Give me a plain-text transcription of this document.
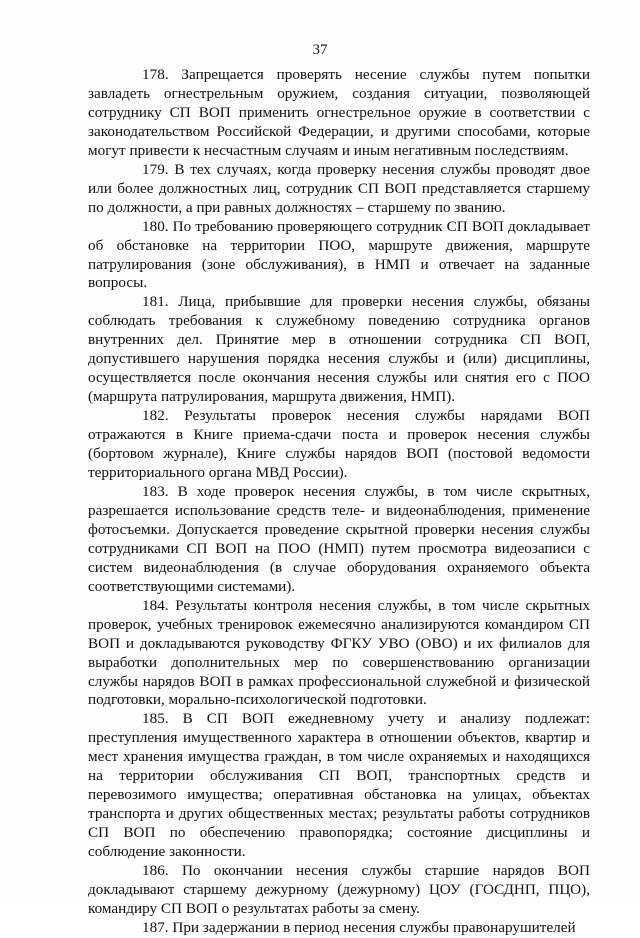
37

178. Запрещается проверять несение службы путем попытки завладеть огнестрельным оружием, создания ситуации, позволяющей сотруднику СП ВОП применить огнестрельное оружие в соответствии с законодательством Российской Федерации, и другими способами, которые могут привести к несчастным случаям и иным негативным последствиям.

179. В тех случаях, когда проверку несения службы проводят двое или более должностных лиц, сотрудник СП ВОП представляется старшему по должности, а при равных должностях – старшему по званию.

180. По требованию проверяющего сотрудник СП ВОП докладывает об обстановке на территории ПОО, маршруте движения, маршруте патрулирования (зоне обслуживания), в НМП и отвечает на заданные вопросы.

181. Лица, прибывшие для проверки несения службы, обязаны соблюдать требования к служебному поведению сотрудника органов внутренних дел. Принятие мер в отношении сотрудника СП ВОП, допустившего нарушения порядка несения службы и (или) дисциплины, осуществляется после окончания несения службы или снятия его с ПОО (маршрута патрулирования, маршрута движения, НМП).

182. Результаты проверок несения службы нарядами ВОП отражаются в Книге приема-сдачи поста и проверок несения службы (бортовом журнале), Книге службы нарядов ВОП (постовой ведомости территориального органа МВД России).

183. В ходе проверок несения службы, в том числе скрытных, разрешается использование средств теле- и видеонаблюдения, применение фотосъемки. Допускается проведение скрытной проверки несения службы сотрудниками СП ВОП на ПОО (НМП) путем просмотра видеозаписи с систем видеонаблюдения (в случае оборудования охраняемого объекта соответствующими системами).

184. Результаты контроля несения службы, в том числе скрытных проверок, учебных тренировок ежемесячно анализируются командиром СП ВОП и докладываются руководству ФГКУ УВО (ОВО) и их филиалов для выработки дополнительных мер по совершенствованию организации службы нарядов ВОП в рамках профессиональной служебной и физической подготовки, морально-психологической подготовки.

185. В СП ВОП ежедневному учету и анализу подлежат: преступления имущественного характера в отношении объектов, квартир и мест хранения имущества граждан, в том числе охраняемых и находящихся на территории обслуживания СП ВОП, транспортных средств и перевозимого имущества; оперативная обстановка на улицах, объектах транспорта и других общественных местах; результаты работы сотрудников СП ВОП по обеспечению правопорядка; состояние дисциплины и соблюдение законности.

186. По окончании несения службы старшие нарядов ВОП докладывают старшему дежурному (дежурному) ЦОУ (ГОСДНП, ПЦО), командиру СП ВОП о результатах работы за смену.

187. При задержании в период несения службы правонарушителей
